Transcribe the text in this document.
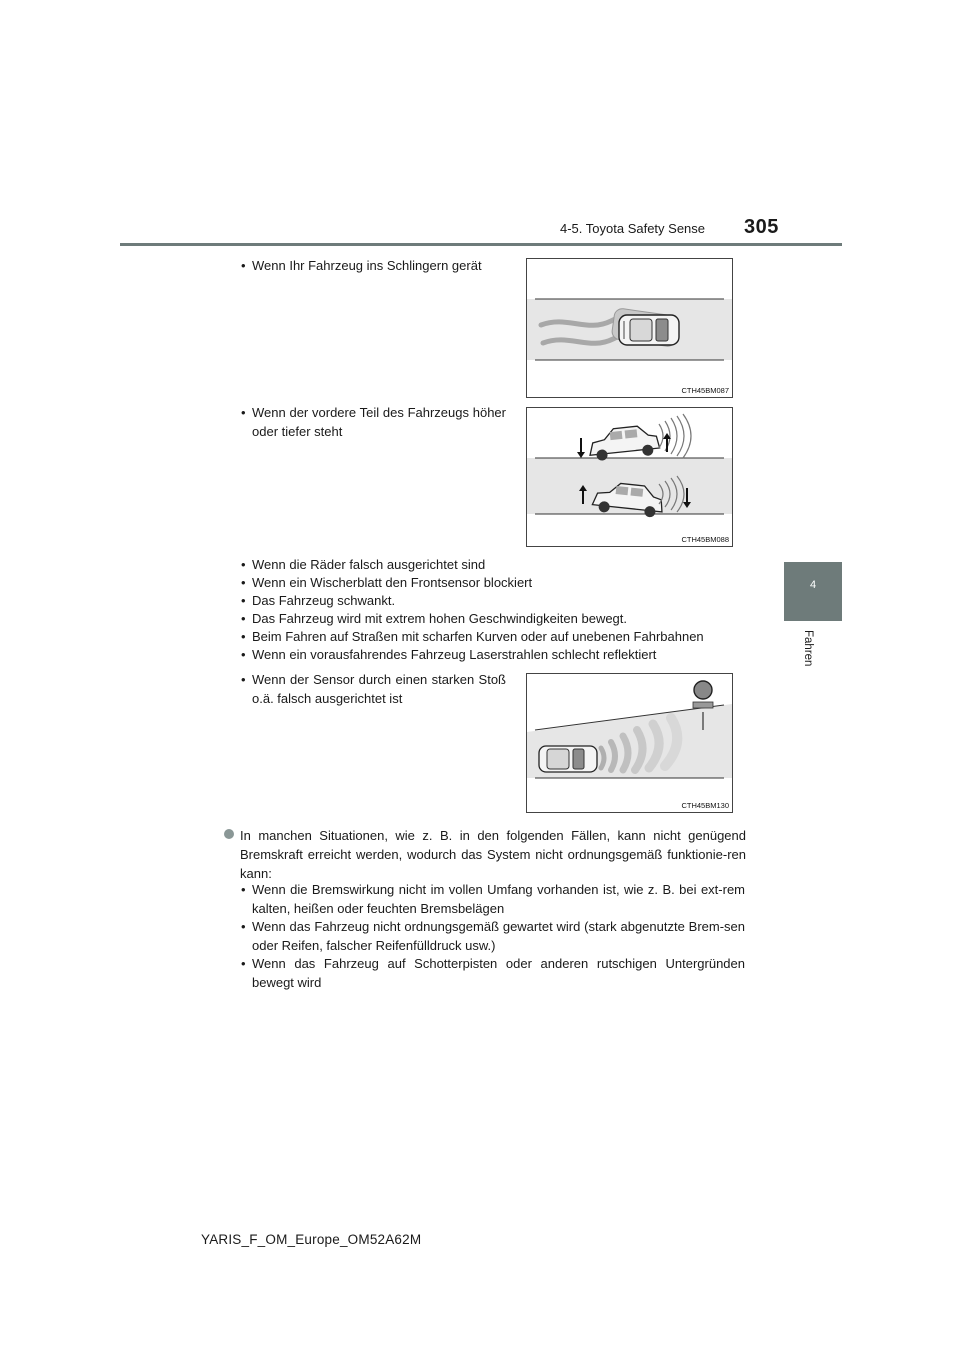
4-5. Toyota Safety Sense 305
4
Fahren
• Wenn Ihr Fahrzeug ins Schlingern gerät
CTH45BM087
• Wenn der vordere Teil des Fahrzeugs höher oder tiefer steht
CTH45BM088
• Wenn die Räder falsch ausgerichtet sind
• Wenn ein Wischerblatt den Frontsensor blockiert
• Das Fahrzeug schwankt.
• Das Fahrzeug wird mit extrem hohen Geschwindigkeiten bewegt.
• Beim Fahren auf Straßen mit scharfen Kurven oder auf unebenen Fahrbahnen
• Wenn ein vorausfahrendes Fahrzeug Laserstrahlen schlecht reflektiert
• Wenn der Sensor durch einen starken Stoß o.ä. falsch ausgerichtet ist
CTH45BM130
In manchen Situationen, wie z. B. in den folgenden Fällen, kann nicht genügend Bremskraft erreicht werden, wodurch das System nicht ordnungsgemäß funktionie-ren kann:
• Wenn die Bremswirkung nicht im vollen Umfang vorhanden ist, wie z. B. bei ext-rem kalten, heißen oder feuchten Bremsbelägen
• Wenn das Fahrzeug nicht ordnungsgemäß gewartet wird (stark abgenutzte Brem-sen oder Reifen, falscher Reifenfülldruck usw.)
• Wenn das Fahrzeug auf Schotterpisten oder anderen rutschigen Untergründen bewegt wird
YARIS_F_OM_Europe_OM52A62M
